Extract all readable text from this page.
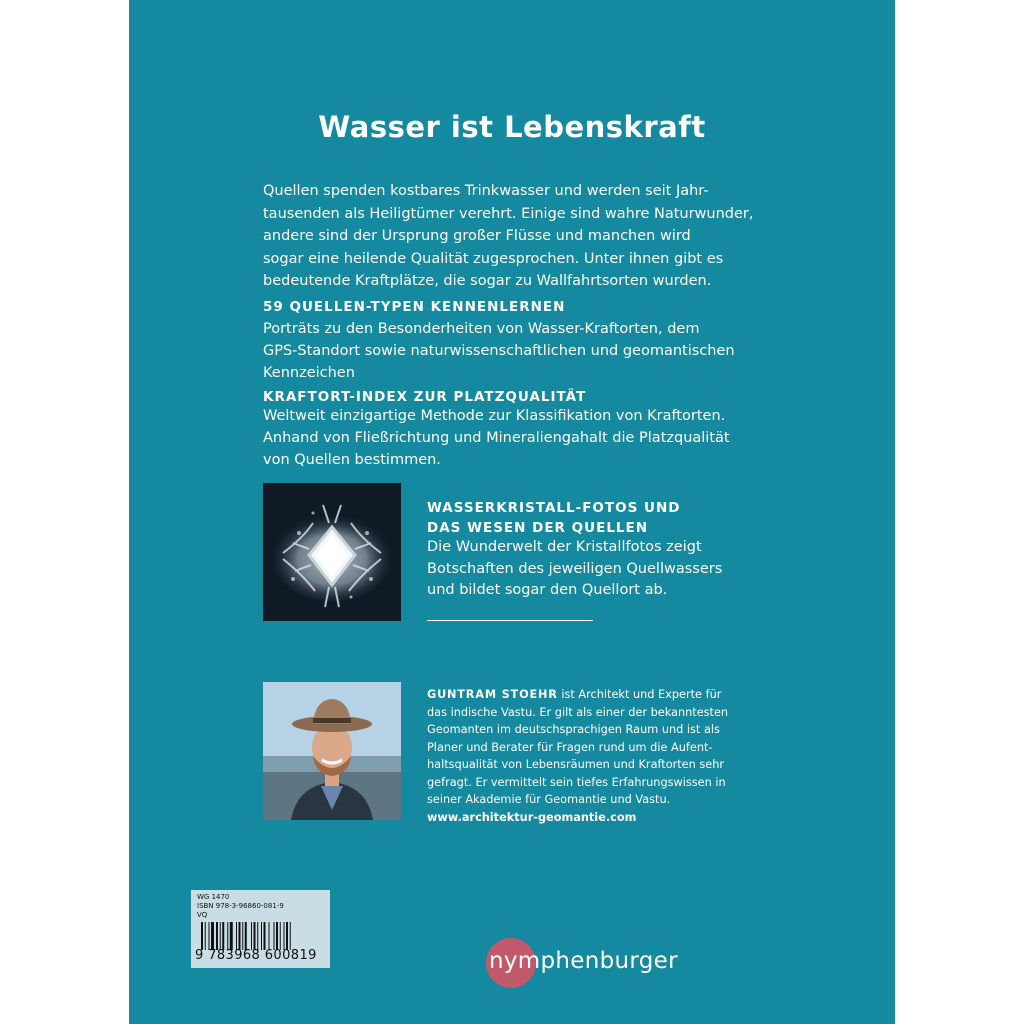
Wasser ist Lebenskraft

Quellen spenden kostbares Trinkwasser und werden seit Jahr-
tausenden als Heiligtümer verehrt. Einige sind wahre Naturwunder,
andere sind der Ursprung großer Flüsse und manchen wird
sogar eine heilende Qualität zugesprochen. Unter ihnen gibt es
bedeutende Kraftplätze, die sogar zu Wallfahrtsorten wurden.

59 QUELLEN-TYPEN KENNENLERNEN
Porträts zu den Besonderheiten von Wasser-Kraftorten, dem
GPS-Standort sowie naturwissenschaftlichen und geomantischen
Kennzeichen
KRAFTORT-INDEX ZUR PLATZQUALITÄT
Weltweit einzigartige Methode zur Klassifikation von Kraftorten.
Anhand von Fließrichtung und Mineraliengahalt die Platzqualität
von Quellen bestimmen.
WASSERKRISTALL-FOTOS UND
DAS WESEN DER QUELLEN
Die Wunderwelt der Kristallfotos zeigt
Botschaften des jeweiligen Quellwassers
und bildet sogar den Quellort ab.
GUNTRAM STOEHR ist Architekt und Experte für
das indische Vastu. Er gilt als einer der bekanntesten
Geomanten im deutschsprachigen Raum und ist als
Planer und Berater für Fragen rund um die Aufent-
haltsqualität von Lebensräumen und Kraftorten sehr
gefragt. Er vermittelt sein tiefes Erfahrungswissen in
seiner Akademie für Geomantie und Vastu.
www.architektur-geomantie.com
WG 1470
ISBN 978-3-96860-081-9
VQ
9 783968 600819	nymphenburger
